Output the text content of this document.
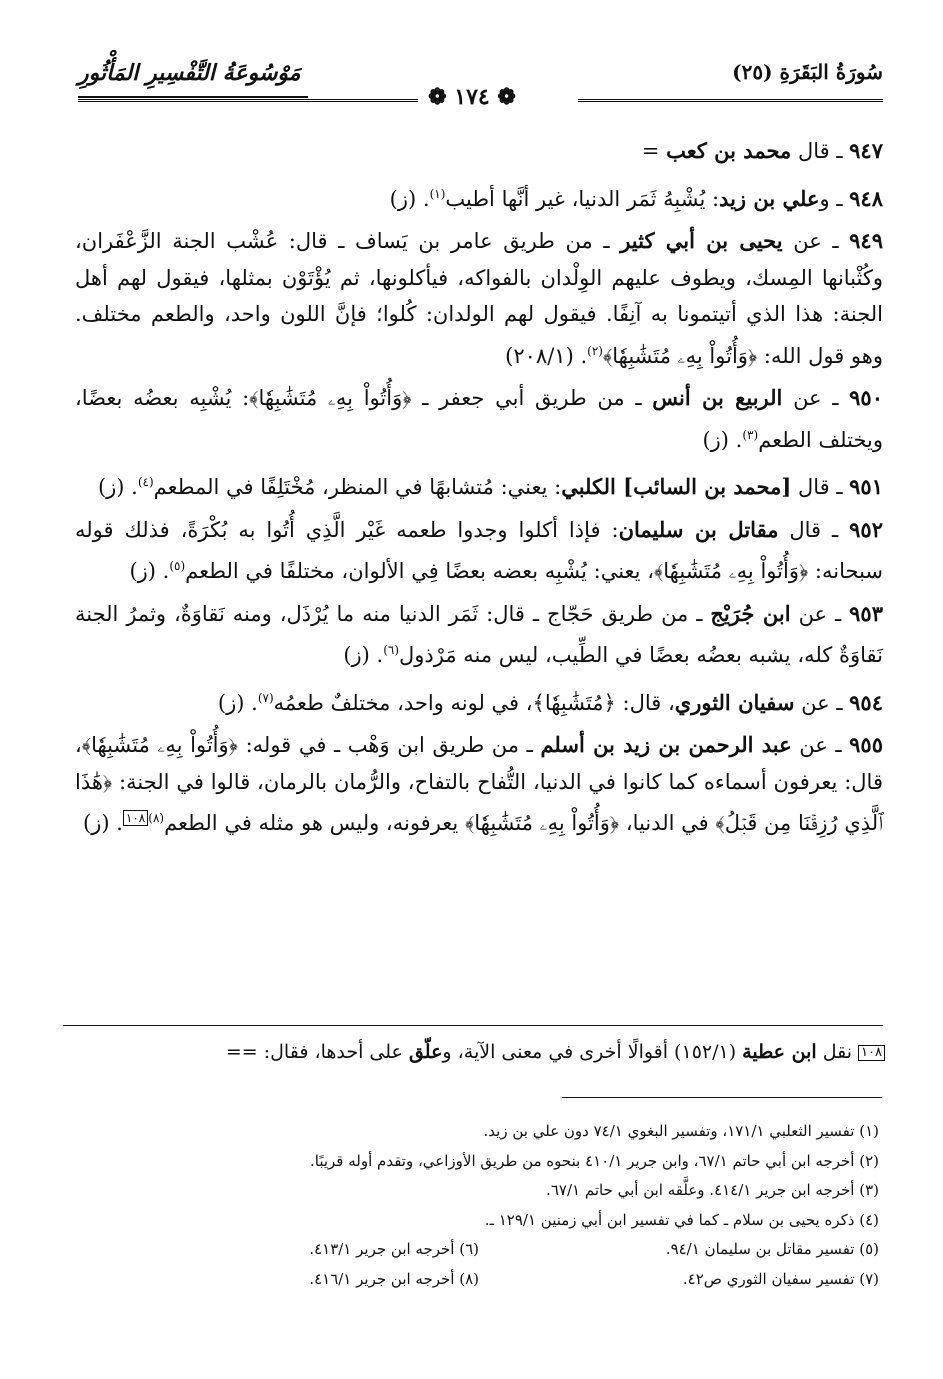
سُورَةُ البَقَرَةِ (٢٥)
مَوْسُوعَةُ التَّفْسِيرِ المَأْثُورِ
❁ ١٧٤ ❁

٩٤٧ ـ قال محمد بن كعب =

٩٤٨ ـ وعلي بن زيد: يُشْبِهُ ثَمَر الدنيا، غير أنَّها أطيب$^{(١)}$. (ز)

٩٤٩ ـ عن يحيى بن أبي كثير ـ من طريق عامر بن يَساف ـ قال: عُشْب الجنة الزَّعْفَران، وكُثْبانها المِسك، ويطوف عليهم الوِلْدان بالفواكه، فيأكلونها، ثم يُؤْتَوْن بمثلها، فيقول لهم أهل الجنة: هذا الذي أتيتمونا به آنِفًا. فيقول لهم الولدان: كُلوا؛ فإنَّ اللون واحد، والطعم مختلف. وهو قول الله: ﴿وَأُتُواْ بِهِۦ مُتَشَٰبِهٗا﴾$^{(٢)}$. (٢٠٨/١)

٩٥٠ ـ عن الربيع بن أنس ـ من طريق أبي جعفر ـ ﴿وَأُتُواْ بِهِۦ مُتَشَٰبِهٗا﴾: يُشْبِه بعضُه بعضًا، ويختلف الطعم$^{(٣)}$. (ز)

٩٥١ ـ قال [محمد بن السائب] الكلبي: يعني: مُتشابهًا في المنظر، مُخْتَلِفًا في المطعم$^{(٤)}$. (ز)

٩٥٢ ـ قال مقاتل بن سليمان: فإذا أكلوا وجدوا طعمه غَيْر الَّذِي أُتُوا به بُكْرَةً، فذلك قوله سبحانه: ﴿وَأُتُواْ بِهِۦ مُتَشَٰبِهٗا﴾، يعني: يُشْبِه بعضه بعضًا فِي الألوان، مختلفًا في الطعم$^{(٥)}$. (ز)

٩٥٣ ـ عن ابن جُرَيْج ـ من طريق حَجّاج ـ قال: ثَمَر الدنيا منه ما يُرْذَل، ومنه نَقاوَةٌ، وثمرُ الجنة نَقاوَةٌ كله، يشبه بعضُه بعضًا في الطِّيب، ليس منه مَرْذول$^{(٦)}$. (ز)

٩٥٤ ـ عن سفيان الثوري، قال: ﴿مُتَشَٰبِهٗا﴾، في لونه واحد، مختلفٌ طعمُه$^{(٧)}$. (ز)

٩٥٥ ـ عن عبد الرحمن بن زيد بن أسلم ـ من طريق ابن وَهْب ـ في قوله: ﴿وَأُتُواْ بِهِۦ مُتَشَٰبِهٗا﴾، قال: يعرفون أسماءه كما كانوا في الدنيا، التُّفاح بالتفاح، والرُّمان بالرمان، قالوا في الجنة: ﴿هَٰذَا ٱلَّذِي رُزِقۡنَا مِن قَبۡلُ﴾ في الدنيا، ﴿وَأُتُواْ بِهِۦ مُتَشَٰبِهٗا﴾ يعرفونه، وليس هو مثله في الطعم$^{(٨)}$١٠٨. (ز)

١٠٨ نقل ابن عطية (١٥٢/١) أقوالًا أخرى في معنى الآية، وعلّق على أحدها، فقال: ==
(١) تفسير الثعلبي ١٧١/١، وتفسير البغوي ٧٤/١ دون علي بن زيد.
(٢) أخرجه ابن أبي حاتم ٦٧/١، وابن جرير ٤١٠/١ بنحوه من طريق الأوزاعي، وتقدم أوله قريبًا.
(٣) أخرجه ابن جرير ٤١٤/١. وعلَّقه ابن أبي حاتم ٦٧/١.
(٤) ذكره يحيى بن سلام ـ كما في تفسير ابن أبي زمنين ١٢٩/١ ـ.
(٥) تفسير مقاتل بن سليمان ٩٤/١.
(٦) أخرجه ابن جرير ٤١٣/١.
(٧) تفسير سفيان الثوري ص٤٢.
(٨) أخرجه ابن جرير ٤١٦/١.
